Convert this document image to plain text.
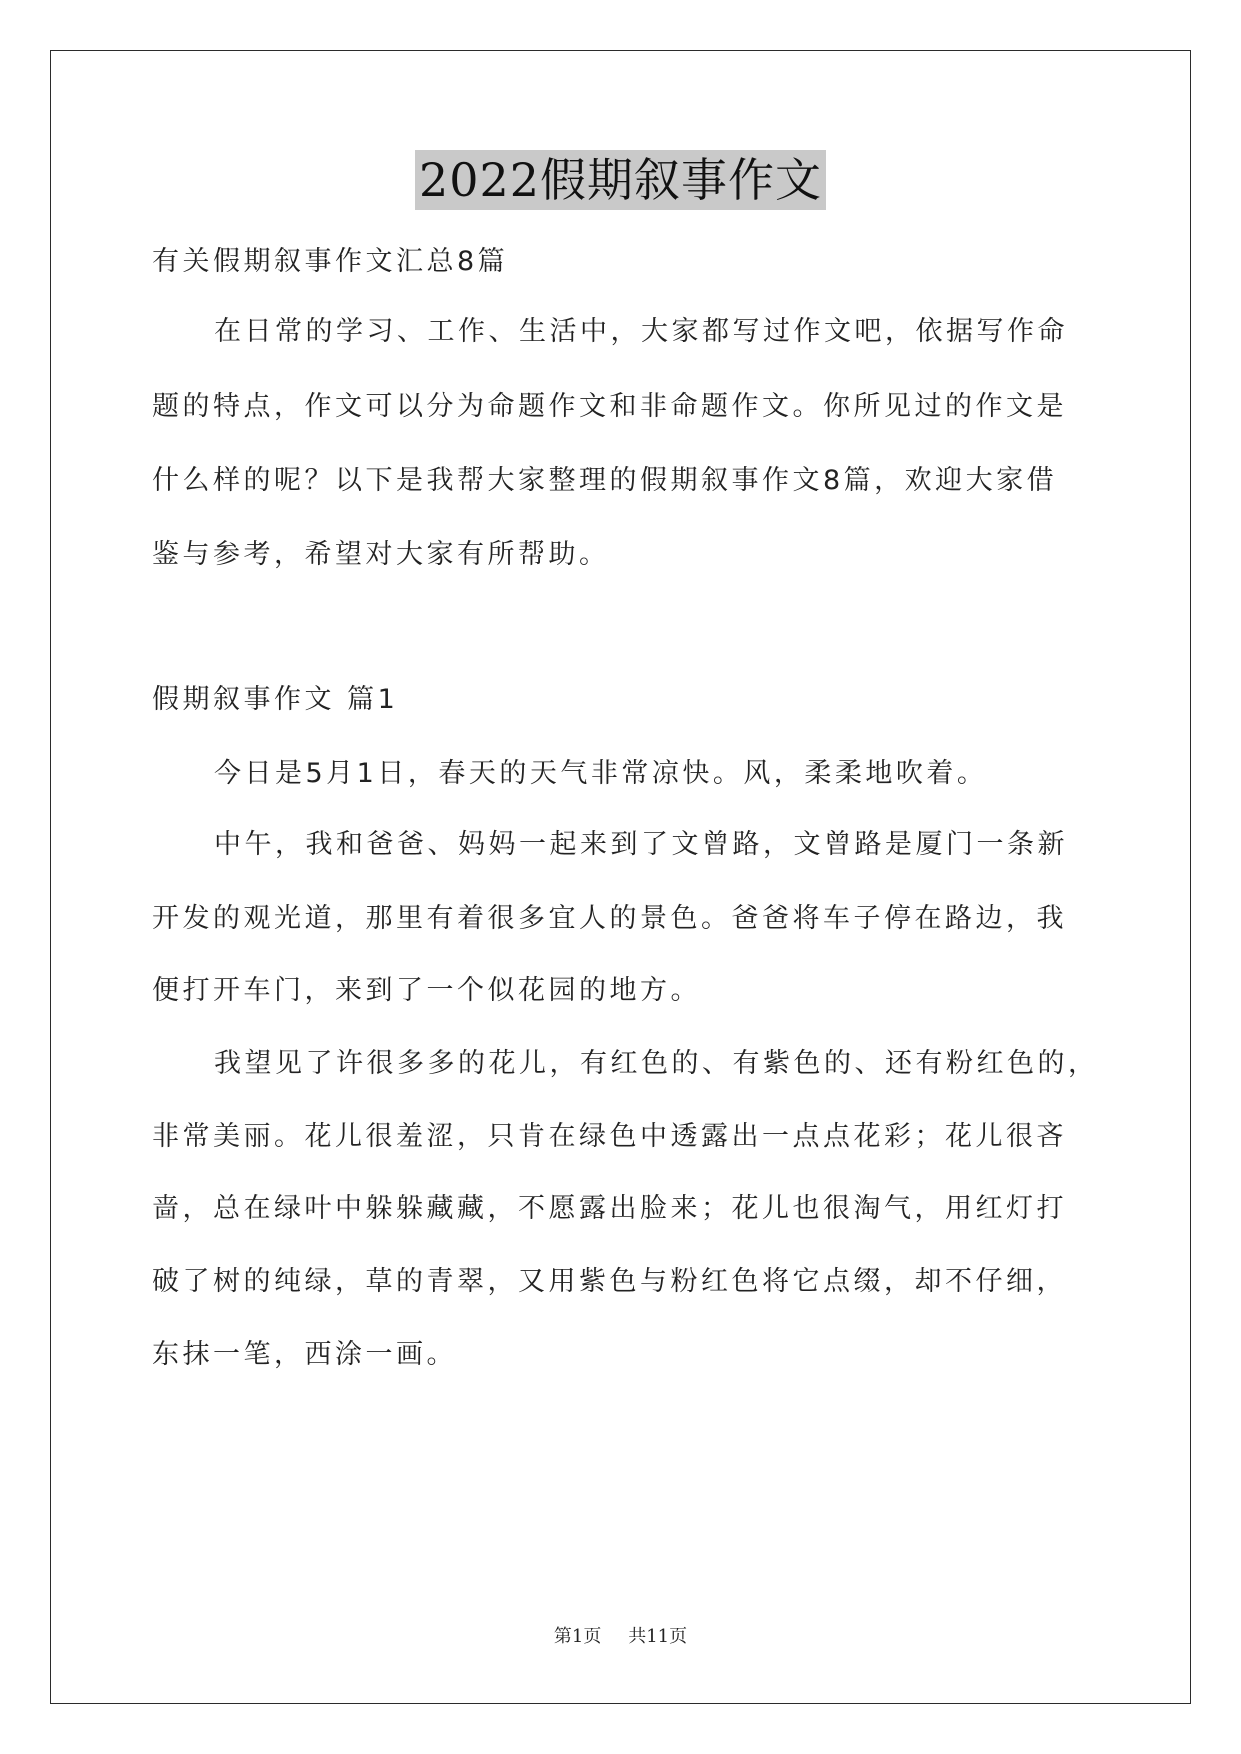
2022假期叙事作文
有关假期叙事作文汇总8篇
在日常的学习、工作、生活中，大家都写过作文吧，依据写作命
题的特点，作文可以分为命题作文和非命题作文。你所见过的作文是
什么样的呢？以下是我帮大家整理的假期叙事作文8篇，欢迎大家借
鉴与参考，希望对大家有所帮助。
假期叙事作文 篇1
今日是5月1日，春天的天气非常凉快。风，柔柔地吹着。
中午，我和爸爸、妈妈一起来到了文曾路，文曾路是厦门一条新
开发的观光道，那里有着很多宜人的景色。爸爸将车子停在路边，我
便打开车门，来到了一个似花园的地方。
我望见了许很多多的花儿，有红色的、有紫色的、还有粉红色的，
非常美丽。花儿很羞涩，只肯在绿色中透露出一点点花彩；花儿很吝
啬，总在绿叶中躲躲藏藏，不愿露出脸来；花儿也很淘气，用红灯打
破了树的纯绿，草的青翠，又用紫色与粉红色将它点缀，却不仔细，
东抹一笔，西涂一画。
第1页 共11页
